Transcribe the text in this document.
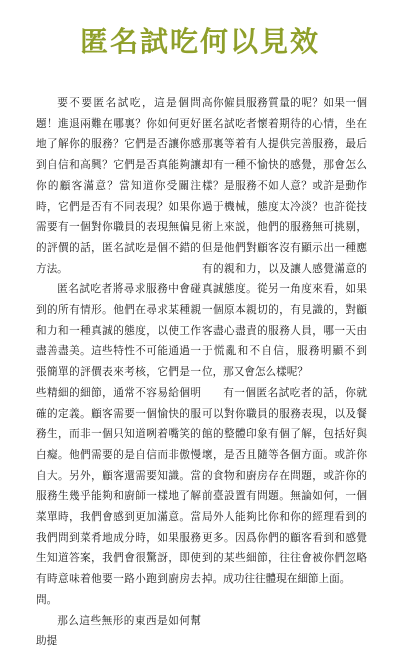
匿名試吃何以見效

要不要匿名試吃，這是個問題！進退兩難在哪裏？你如何更好地了解你的服務？它們是否讓你感到自信和高興？它們是否真能夠讓你的顧客滿意？當知道你受關注時，它們是否有不同表現？如果你需要有一個對你職員的表現無偏見的評價的話，匿名試吃是個不錯的方法。

匿名試吃者將尋求服務中會碰到的所有情形。他們在尋求某種親和力和一種真誠的態度，以使工作盡善盡美。這些特性不可能通過一張簡單的評價表來考核，它們是一些精細的細節，通常不容易給個明確的定義。顧客需要一個愉快的服務生，而非一個只知道咧着嘴笑的白癡。他們需要的是自信而非傲慢自大。另外，顧客還需要知識。當服務生幾乎能夠和廚師一樣地了解菜單時，我們會感到更加滿意。當我們問到菜肴地成分時，如果服務生知道答案，我們會很驚訝，即使有時意味着他要一路小跑到廚房去問。

那么這些無形的東西是如何幫助提

高你僱員服務質量的呢？如果一個匿名試吃者懷着期待的心情，坐在那裏等着有人提供完善服務，最后却有一種不愉快的感覺，那會怎么樣？是服務不如人意？或許是動作過于機械，態度太冷淡？也許從技術上來説，他們的服務無可挑剔，但是他們對顧客沒有顯示出一種應有的親和力，以及讓人感覺滿意的真誠態度。從另一角度來看，如果一個原本親切的，有見識的，對顧客盡心盡責的服務人員，哪一天由于慌亂和不自信，服務明顯不到位，那又會怎么樣呢？

有一個匿名試吃者的話，你就可以對你職員的服務表現，以及餐館的整體印象有個了解，包括好與壞，是否且隨等各個方面。或許你的食物和廚房存在問題，或許你的前臺設置有問題。無論如何，一個局外人能夠比你和你的經理看到的更多。因爲你們的顧客看到和感覺到的某些細節，往往會被你們忽略掉。成功往往體現在細節上面。
